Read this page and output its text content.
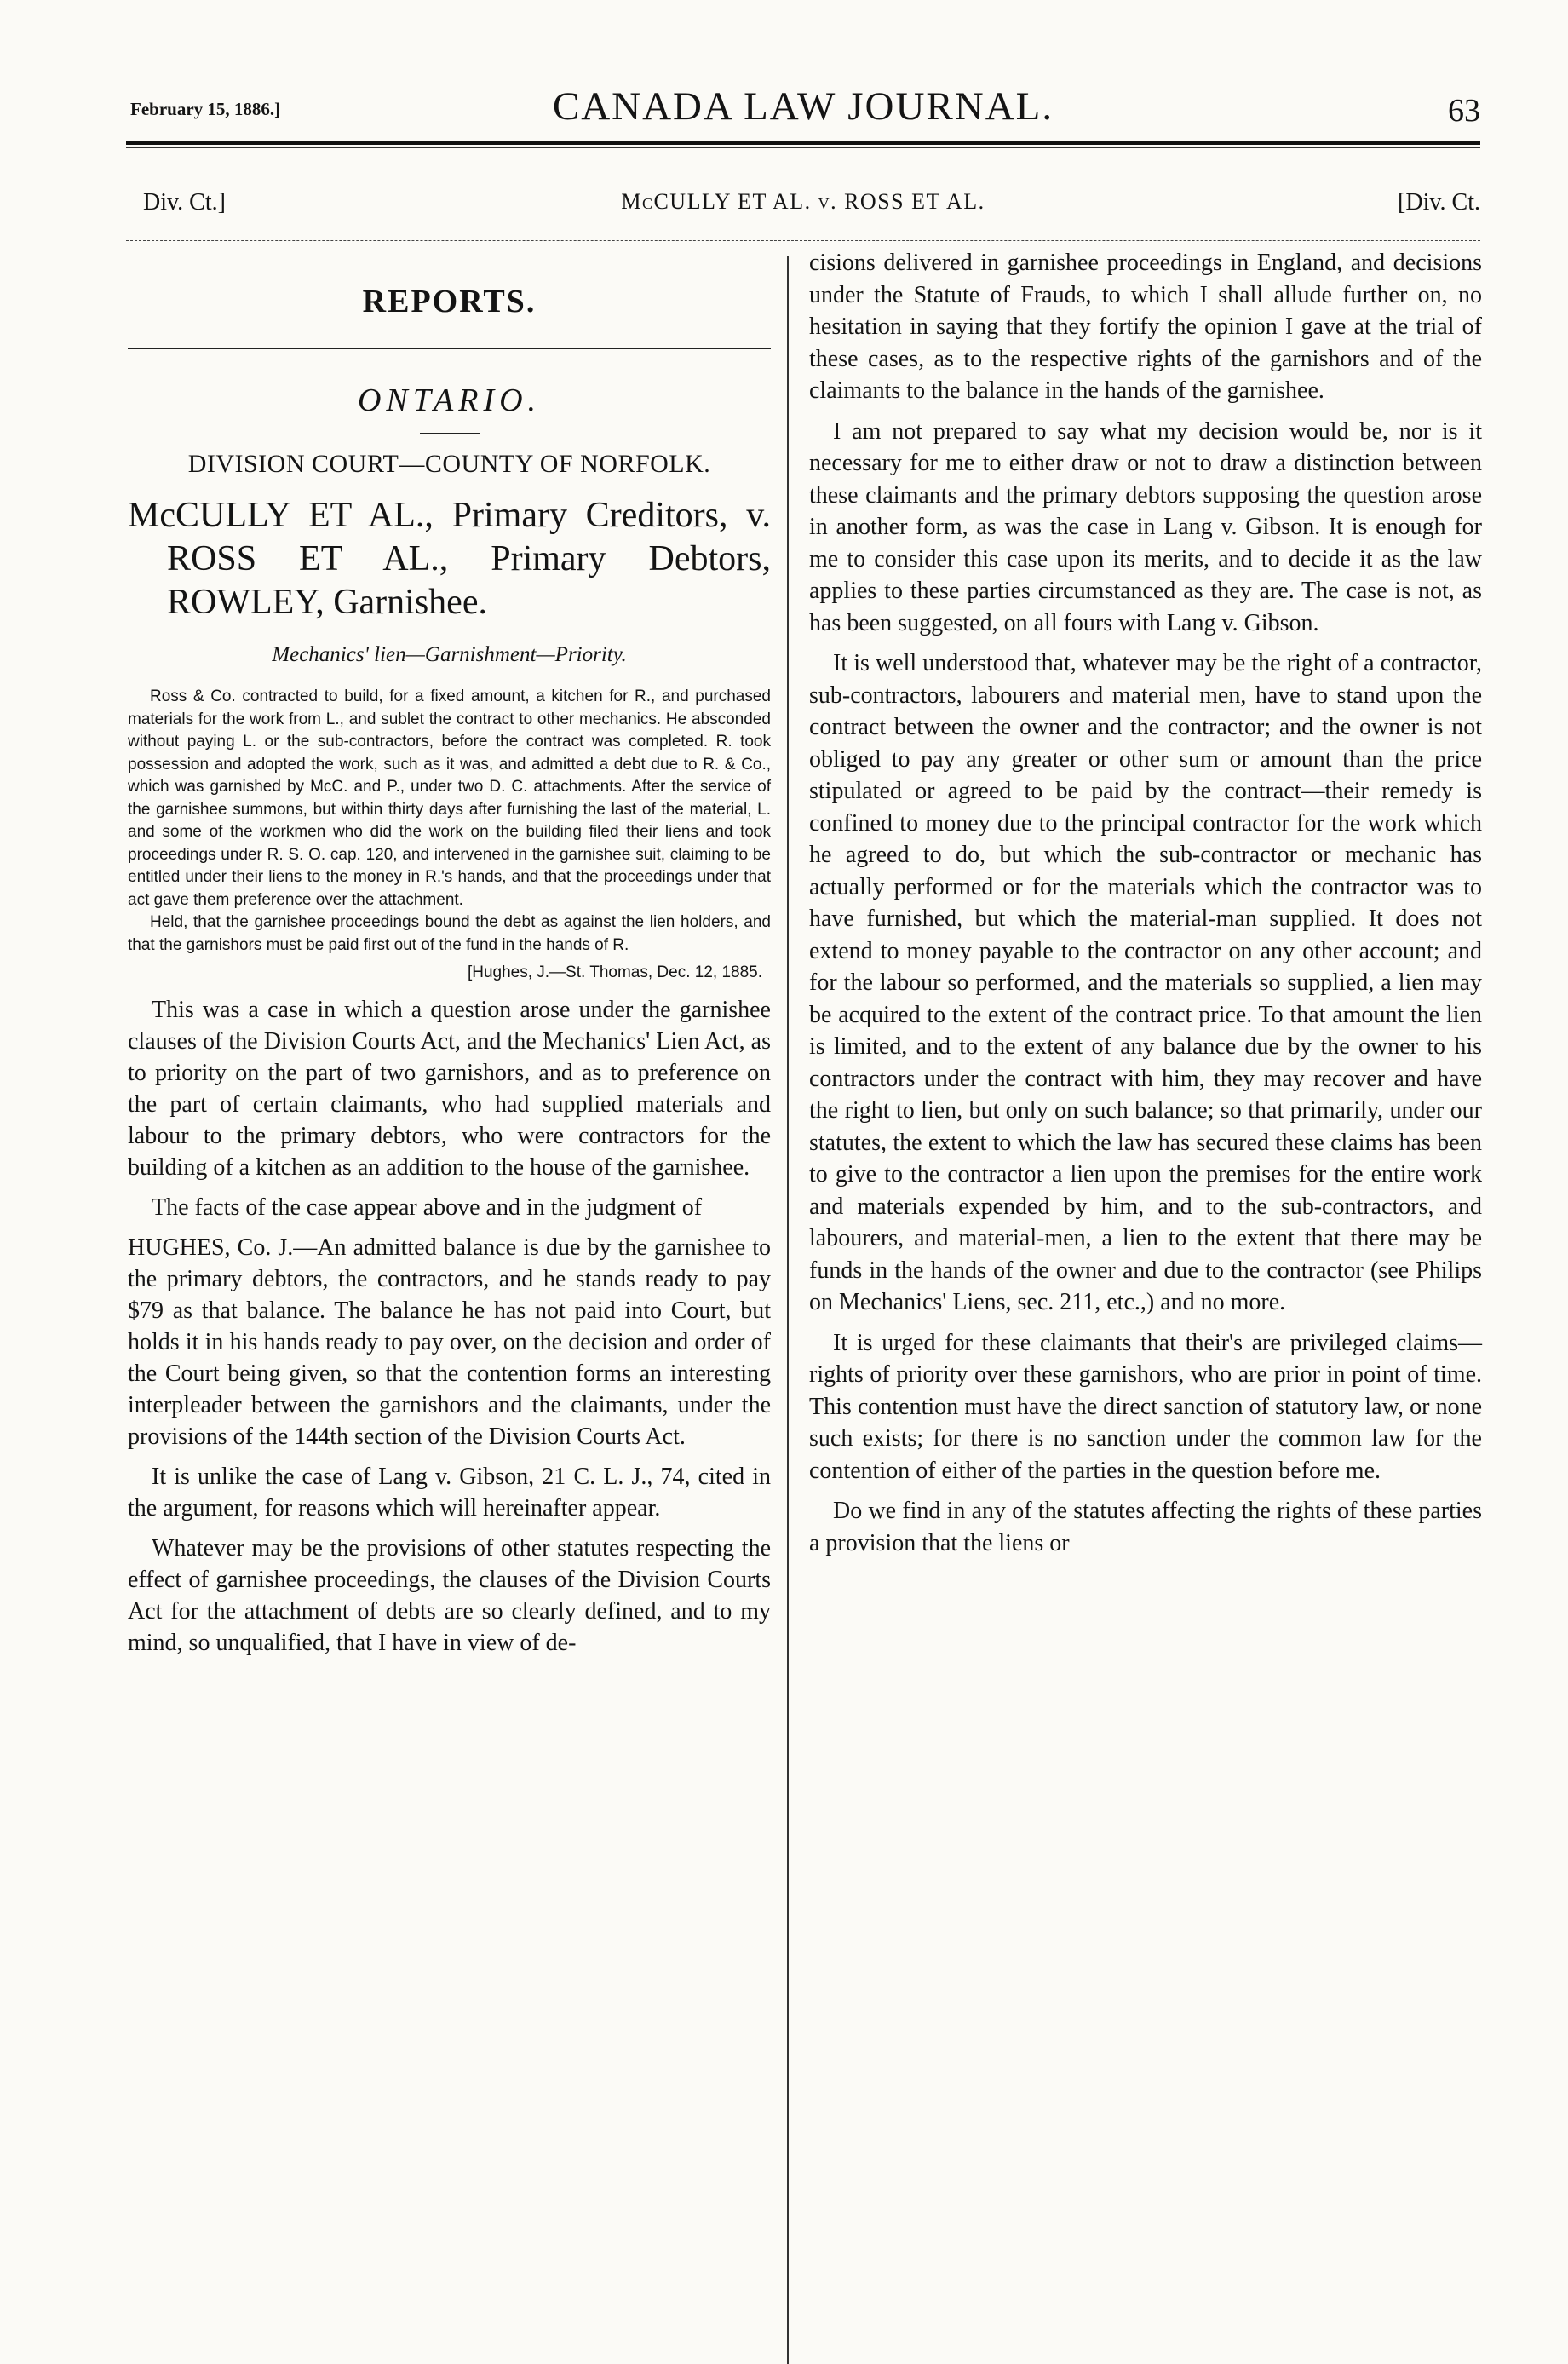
February 15, 1886.]	CANADA LAW JOURNAL.	63
Div. Ct.]	McCULLY ET AL. v. ROSS ET AL.	[Div. Ct.
REPORTS.
ONTARIO.
DIVISION COURT—COUNTY OF NORFOLK.
McCULLY ET AL., Primary Creditors, v. ROSS ET AL., Primary Debtors, ROWLEY, Garnishee.
Mechanics' lien—Garnishment—Priority.

Ross & Co. contracted to build, for a fixed amount, a kitchen for R., and purchased materials for the work from L., and sublet the contract to other mechanics. He absconded without paying L. or the sub-contractors, before the contract was completed. R. took possession and adopted the work, such as it was, and admitted a debt due to R. & Co., which was garnished by McC. and P., under two D. C. attachments. After the service of the garnishee summons, but within thirty days after furnishing the last of the material, L. and some of the workmen who did the work on the building filed their liens and took proceedings under R. S. O. cap. 120, and intervened in the garnishee suit, claiming to be entitled under their liens to the money in R.'s hands, and that the proceedings under that act gave them preference over the attachment.

Held, that the garnishee proceedings bound the debt as against the lien holders, and that the garnishors must be paid first out of the fund in the hands of R.

[Hughes, J.—St. Thomas, Dec. 12, 1885.

This was a case in which a question arose under the garnishee clauses of the Division Courts Act, and the Mechanics' Lien Act, as to priority on the part of two garnishors, and as to preference on the part of certain claimants, who had supplied materials and labour to the primary debtors, who were contractors for the building of a kitchen as an addition to the house of the garnishee.

The facts of the case appear above and in the judgment of

HUGHES, Co. J.—An admitted balance is due by the garnishee to the primary debtors, the contractors, and he stands ready to pay $79 as that balance. The balance he has not paid into Court, but holds it in his hands ready to pay over, on the decision and order of the Court being given, so that the contention forms an interesting interpleader between the garnishors and the claimants, under the provisions of the 144th section of the Division Courts Act.

It is unlike the case of Lang v. Gibson, 21 C. L. J., 74, cited in the argument, for reasons which will hereinafter appear.

Whatever may be the provisions of other statutes respecting the effect of garnishee proceedings, the clauses of the Division Courts Act for the attachment of debts are so clearly defined, and to my mind, so unqualified, that I have in view of de-

cisions delivered in garnishee proceedings in England, and decisions under the Statute of Frauds, to which I shall allude further on, no hesitation in saying that they fortify the opinion I gave at the trial of these cases, as to the respective rights of the garnishors and of the claimants to the balance in the hands of the garnishee.

I am not prepared to say what my decision would be, nor is it necessary for me to either draw or not to draw a distinction between these claimants and the primary debtors supposing the question arose in another form, as was the case in Lang v. Gibson. It is enough for me to consider this case upon its merits, and to decide it as the law applies to these parties circumstanced as they are. The case is not, as has been suggested, on all fours with Lang v. Gibson.

It is well understood that, whatever may be the right of a contractor, sub-contractors, labourers and material men, have to stand upon the contract between the owner and the contractor; and the owner is not obliged to pay any greater or other sum or amount than the price stipulated or agreed to be paid by the contract—their remedy is confined to money due to the principal contractor for the work which he agreed to do, but which the sub-contractor or mechanic has actually performed or for the materials which the contractor was to have furnished, but which the material-man supplied. It does not extend to money payable to the contractor on any other account; and for the labour so performed, and the materials so supplied, a lien may be acquired to the extent of the contract price. To that amount the lien is limited, and to the extent of any balance due by the owner to his contractors under the contract with him, they may recover and have the right to lien, but only on such balance; so that primarily, under our statutes, the extent to which the law has secured these claims has been to give to the contractor a lien upon the premises for the entire work and materials expended by him, and to the sub-contractors, and labourers, and material-men, a lien to the extent that there may be funds in the hands of the owner and due to the contractor (see Philips on Mechanics' Liens, sec. 211, etc.,) and no more.

It is urged for these claimants that their's are privileged claims—rights of priority over these garnishors, who are prior in point of time. This contention must have the direct sanction of statutory law, or none such exists; for there is no sanction under the common law for the contention of either of the parties in the question before me.

Do we find in any of the statutes affecting the rights of these parties a provision that the liens or
